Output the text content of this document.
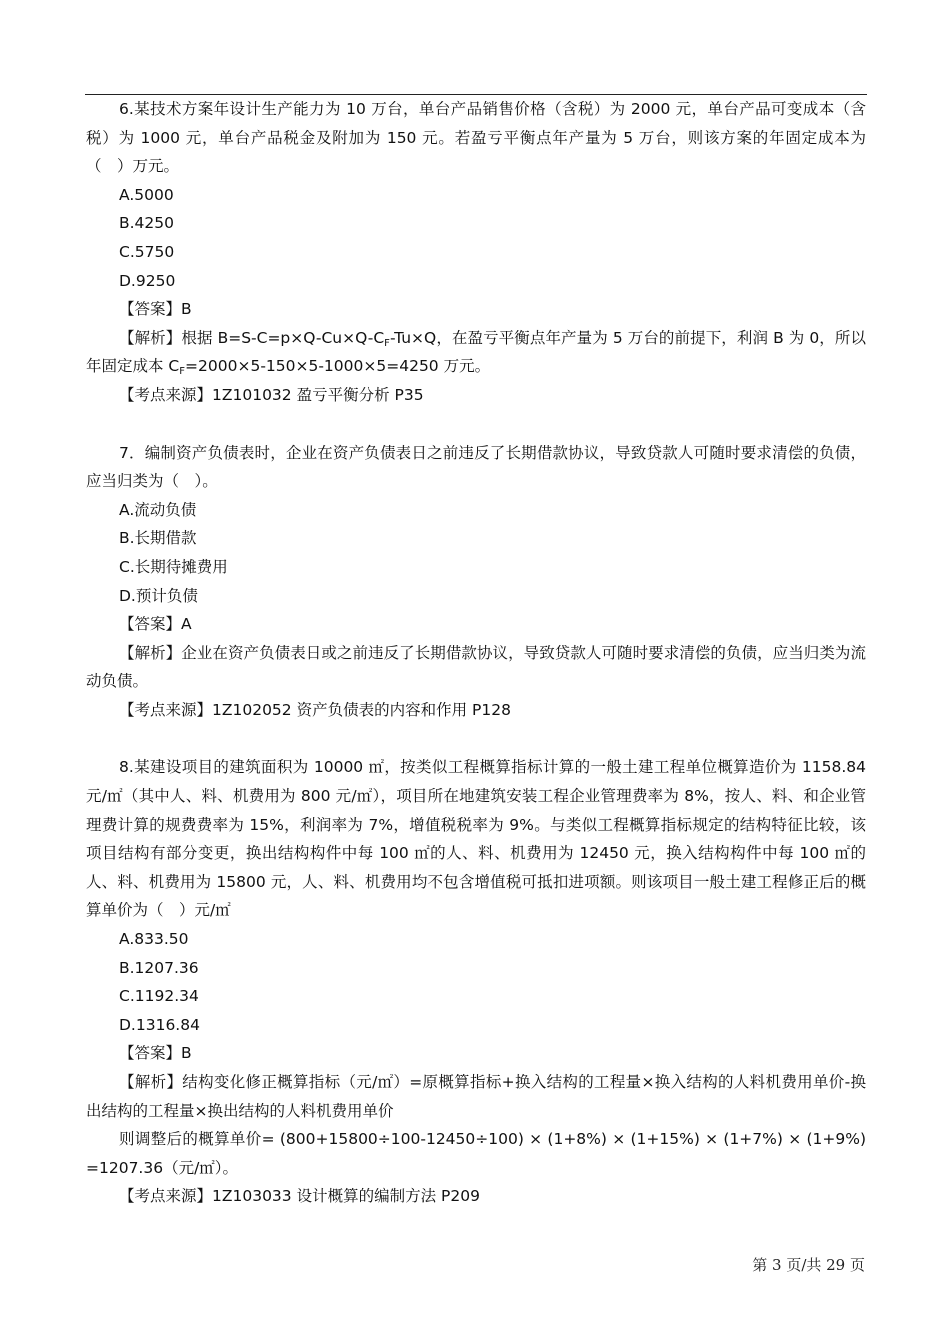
6.某技术方案年设计生产能力为 10 万台，单台产品销售价格（含税）为 2000 元，单台产品可变成本（含税）为 1000 元，单台产品税金及附加为 150 元。若盈亏平衡点年产量为 5 万台，则该方案的年固定成本为（　）万元。

A.5000

B.4250

C.5750

D.9250

【答案】B

【解析】根据 $B=S-C=p\times Q-Cu\times Q-C_F-Tu\times Q$，在盈亏平衡点年产量为 5 万台的前提下，利润 B 为 0，所以年固定成本 $C_F=2000\times 5-150\times 5-1000\times 5=4250$ 万元。

【考点来源】1Z101032 盈亏平衡分析 P35

7．编制资产负债表时，企业在资产负债表日之前违反了长期借款协议，导致贷款人可随时要求清偿的负债，应当归类为（　）。

A.流动负债

B.长期借款

C.长期待摊费用

D.预计负债

【答案】A

【解析】企业在资产负债表日或之前违反了长期借款协议，导致贷款人可随时要求清偿的负债，应当归类为流动负债。

【考点来源】1Z102052 资产负债表的内容和作用 P128

8.某建设项目的建筑面积为 10000 ㎡，按类似工程概算指标计算的一般土建工程单位概算造价为 1158.84 元/㎡（其中人、料、机费用为 800 元/㎡），项目所在地建筑安装工程企业管理费率为 8%，按人、料、和企业管理费计算的规费费率为 15%，利润率为 7%，增值税税率为 9%。与类似工程概算指标规定的结构特征比较，该项目结构有部分变更，换出结构构件中每 100 ㎡的人、料、机费用为 12450 元，换入结构构件中每 100 ㎡的人、料、机费用为 15800 元，人、料、机费用均不包含增值税可抵扣进项额。则该项目一般土建工程修正后的概算单价为（　）元/㎡

A.833.50

B.1207.36

C.1192.34

D.1316.84

【答案】B

【解析】结构变化修正概算指标（元/㎡）=原概算指标+换入结构的工程量×换入结构的人料机费用单价-换出结构的工程量×换出结构的人料机费用单价

则调整后的概算单价= (800+15800÷100-12450÷100) × (1+8%) × (1+15%) × (1+7%) × (1+9%) =1207.36（元/㎡）。

【考点来源】1Z103033 设计概算的编制方法 P209

第 3 页/共 29 页
